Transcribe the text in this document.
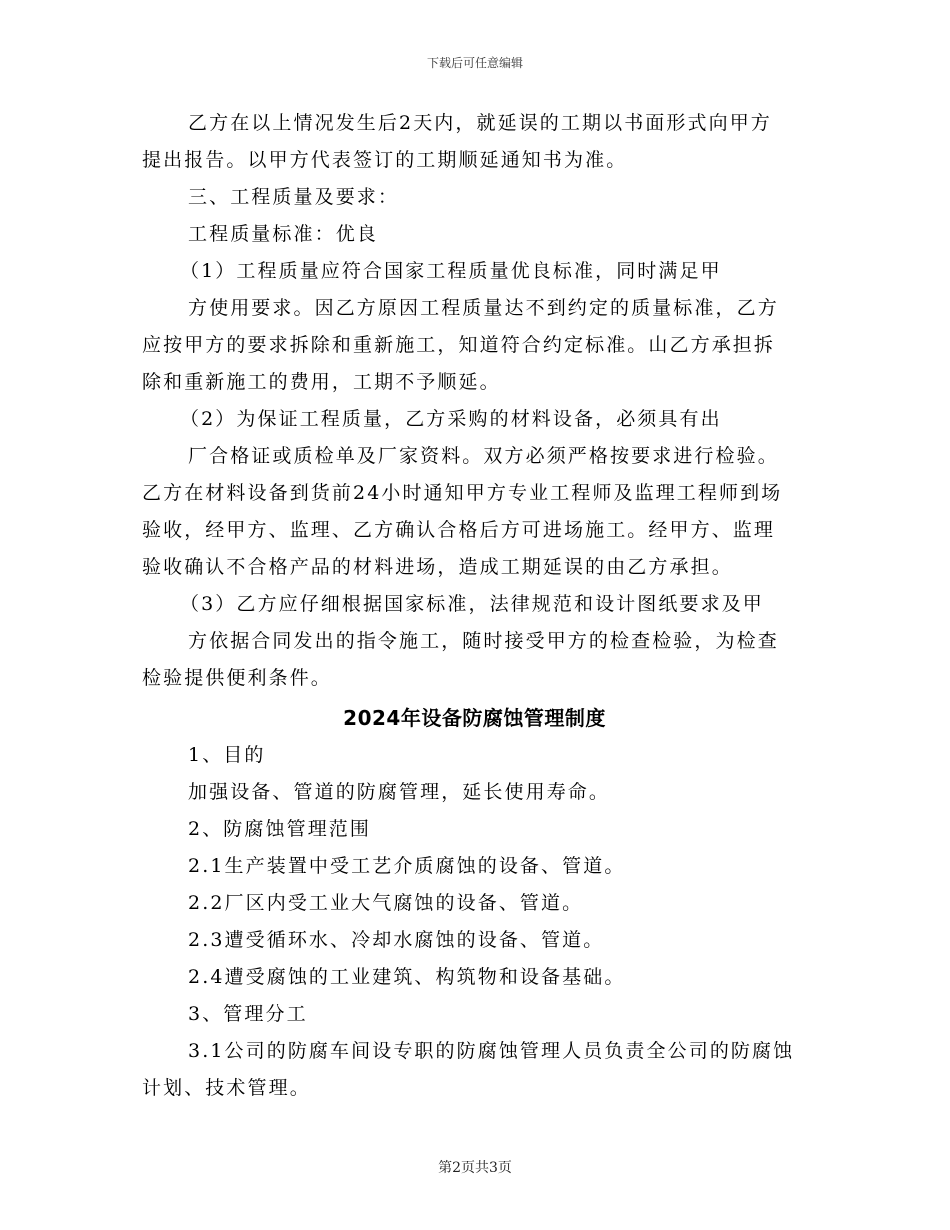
下载后可任意编辑

乙方在以上情况发生后2天内，就延误的工期以书面形式向甲方

提出报告。以甲方代表签订的工期顺延通知书为准。

三、工程质量及要求：

工程质量标准：优良

（1）工程质量应符合国家工程质量优良标准，同时满足甲

方使用要求。因乙方原因工程质量达不到约定的质量标准，乙方

应按甲方的要求拆除和重新施工，知道符合约定标准。山乙方承担拆

除和重新施工的费用，工期不予顺延。

（2）为保证工程质量，乙方采购的材料设备，必须具有出

厂合格证或质检单及厂家资料。双方必须严格按要求进行检验。

乙方在材料设备到货前24小时通知甲方专业工程师及监理工程师到场

验收，经甲方、监理、乙方确认合格后方可进场施工。经甲方、监理

验收确认不合格产品的材料进场，造成工期延误的由乙方承担。

（3）乙方应仔细根据国家标准，法律规范和设计图纸要求及甲

方依据合同发出的指令施工，随时接受甲方的检查检验，为检查

检验提供便利条件。

2024年设备防腐蚀管理制度

1、目的

加强设备、管道的防腐管理，延长使用寿命。

2、防腐蚀管理范围

2.1生产装置中受工艺介质腐蚀的设备、管道。

2.2厂区内受工业大气腐蚀的设备、管道。

2.3遭受循环水、冷却水腐蚀的设备、管道。

2.4遭受腐蚀的工业建筑、构筑物和设备基础。

3、管理分工

3.1公司的防腐车间设专职的防腐蚀管理人员负责全公司的防腐蚀

计划、技术管理。

第2页共3页
